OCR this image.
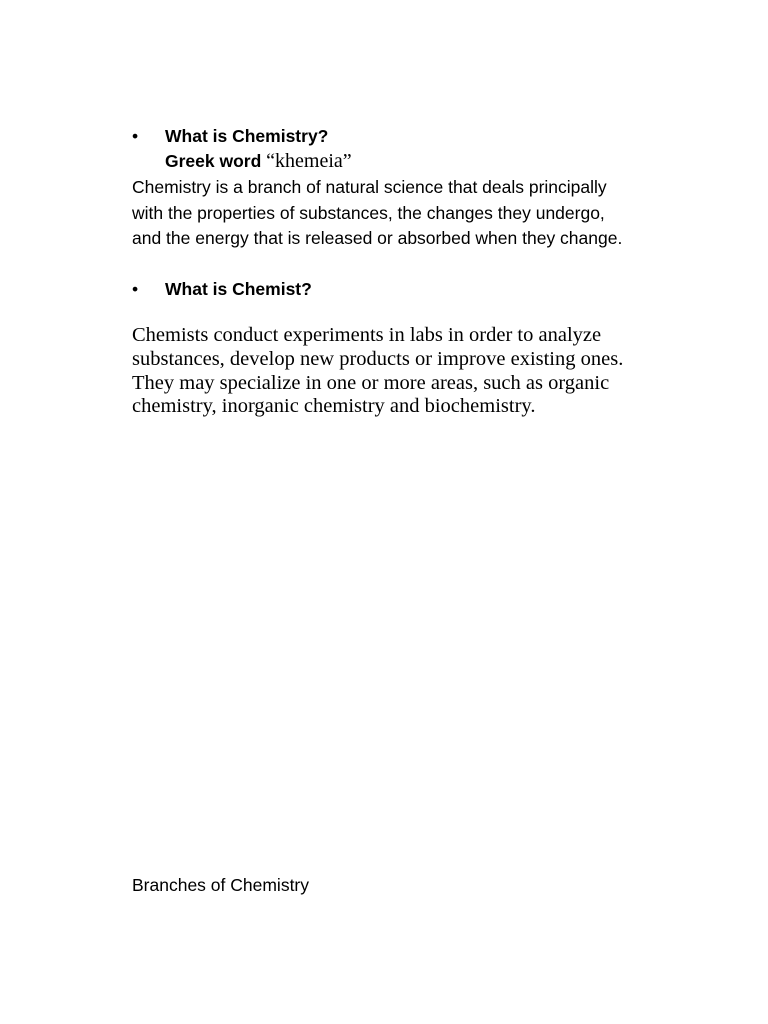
• What is Chemistry?
Greek word “khemeia”

Chemistry is a branch of natural science that deals principally with the properties of substances, the changes they undergo, and the energy that is released or absorbed when they change.

• What is Chemist?

Chemists conduct experiments in labs in order to analyze substances, develop new products or improve existing ones. They may specialize in one or more areas, such as organic chemistry, inorganic chemistry and biochemistry.

Branches of Chemistry
